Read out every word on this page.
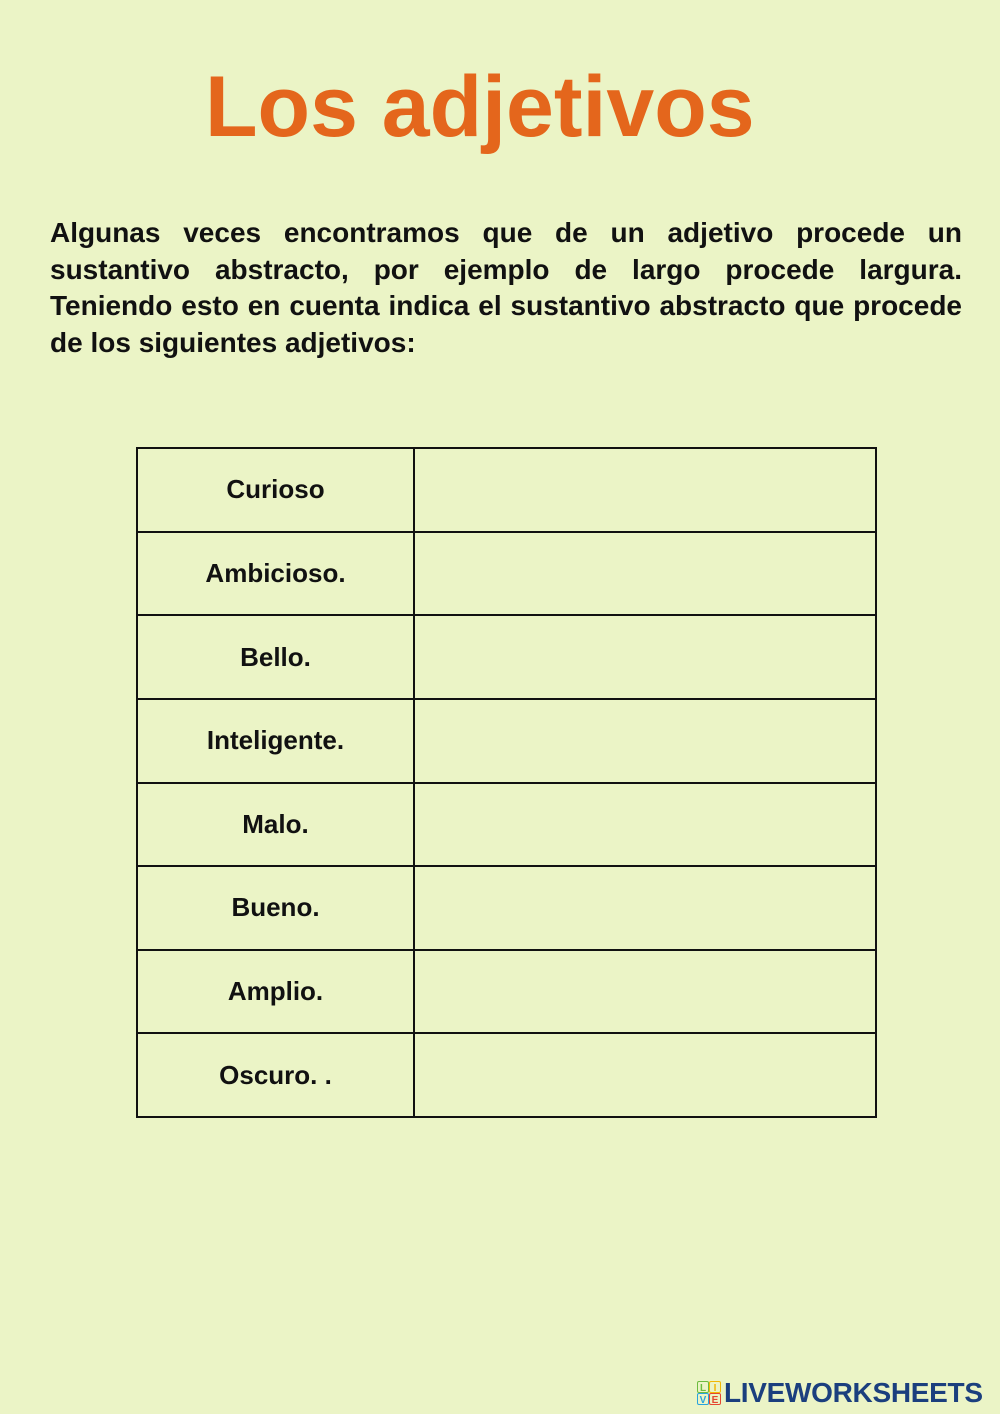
Los adjetivos

Algunas veces encontramos que de un adjetivo procede un sustantivo abstracto, por ejemplo de largo procede largura. Teniendo esto en cuenta indica el sustantivo abstracto que procede de los siguientes adjetivos:

Curioso
Ambicioso.
Bello.
Inteligente.
Malo.
Bueno.
Amplio.
Oscuro. .
L I
V E LIVEWORKSHEETS
